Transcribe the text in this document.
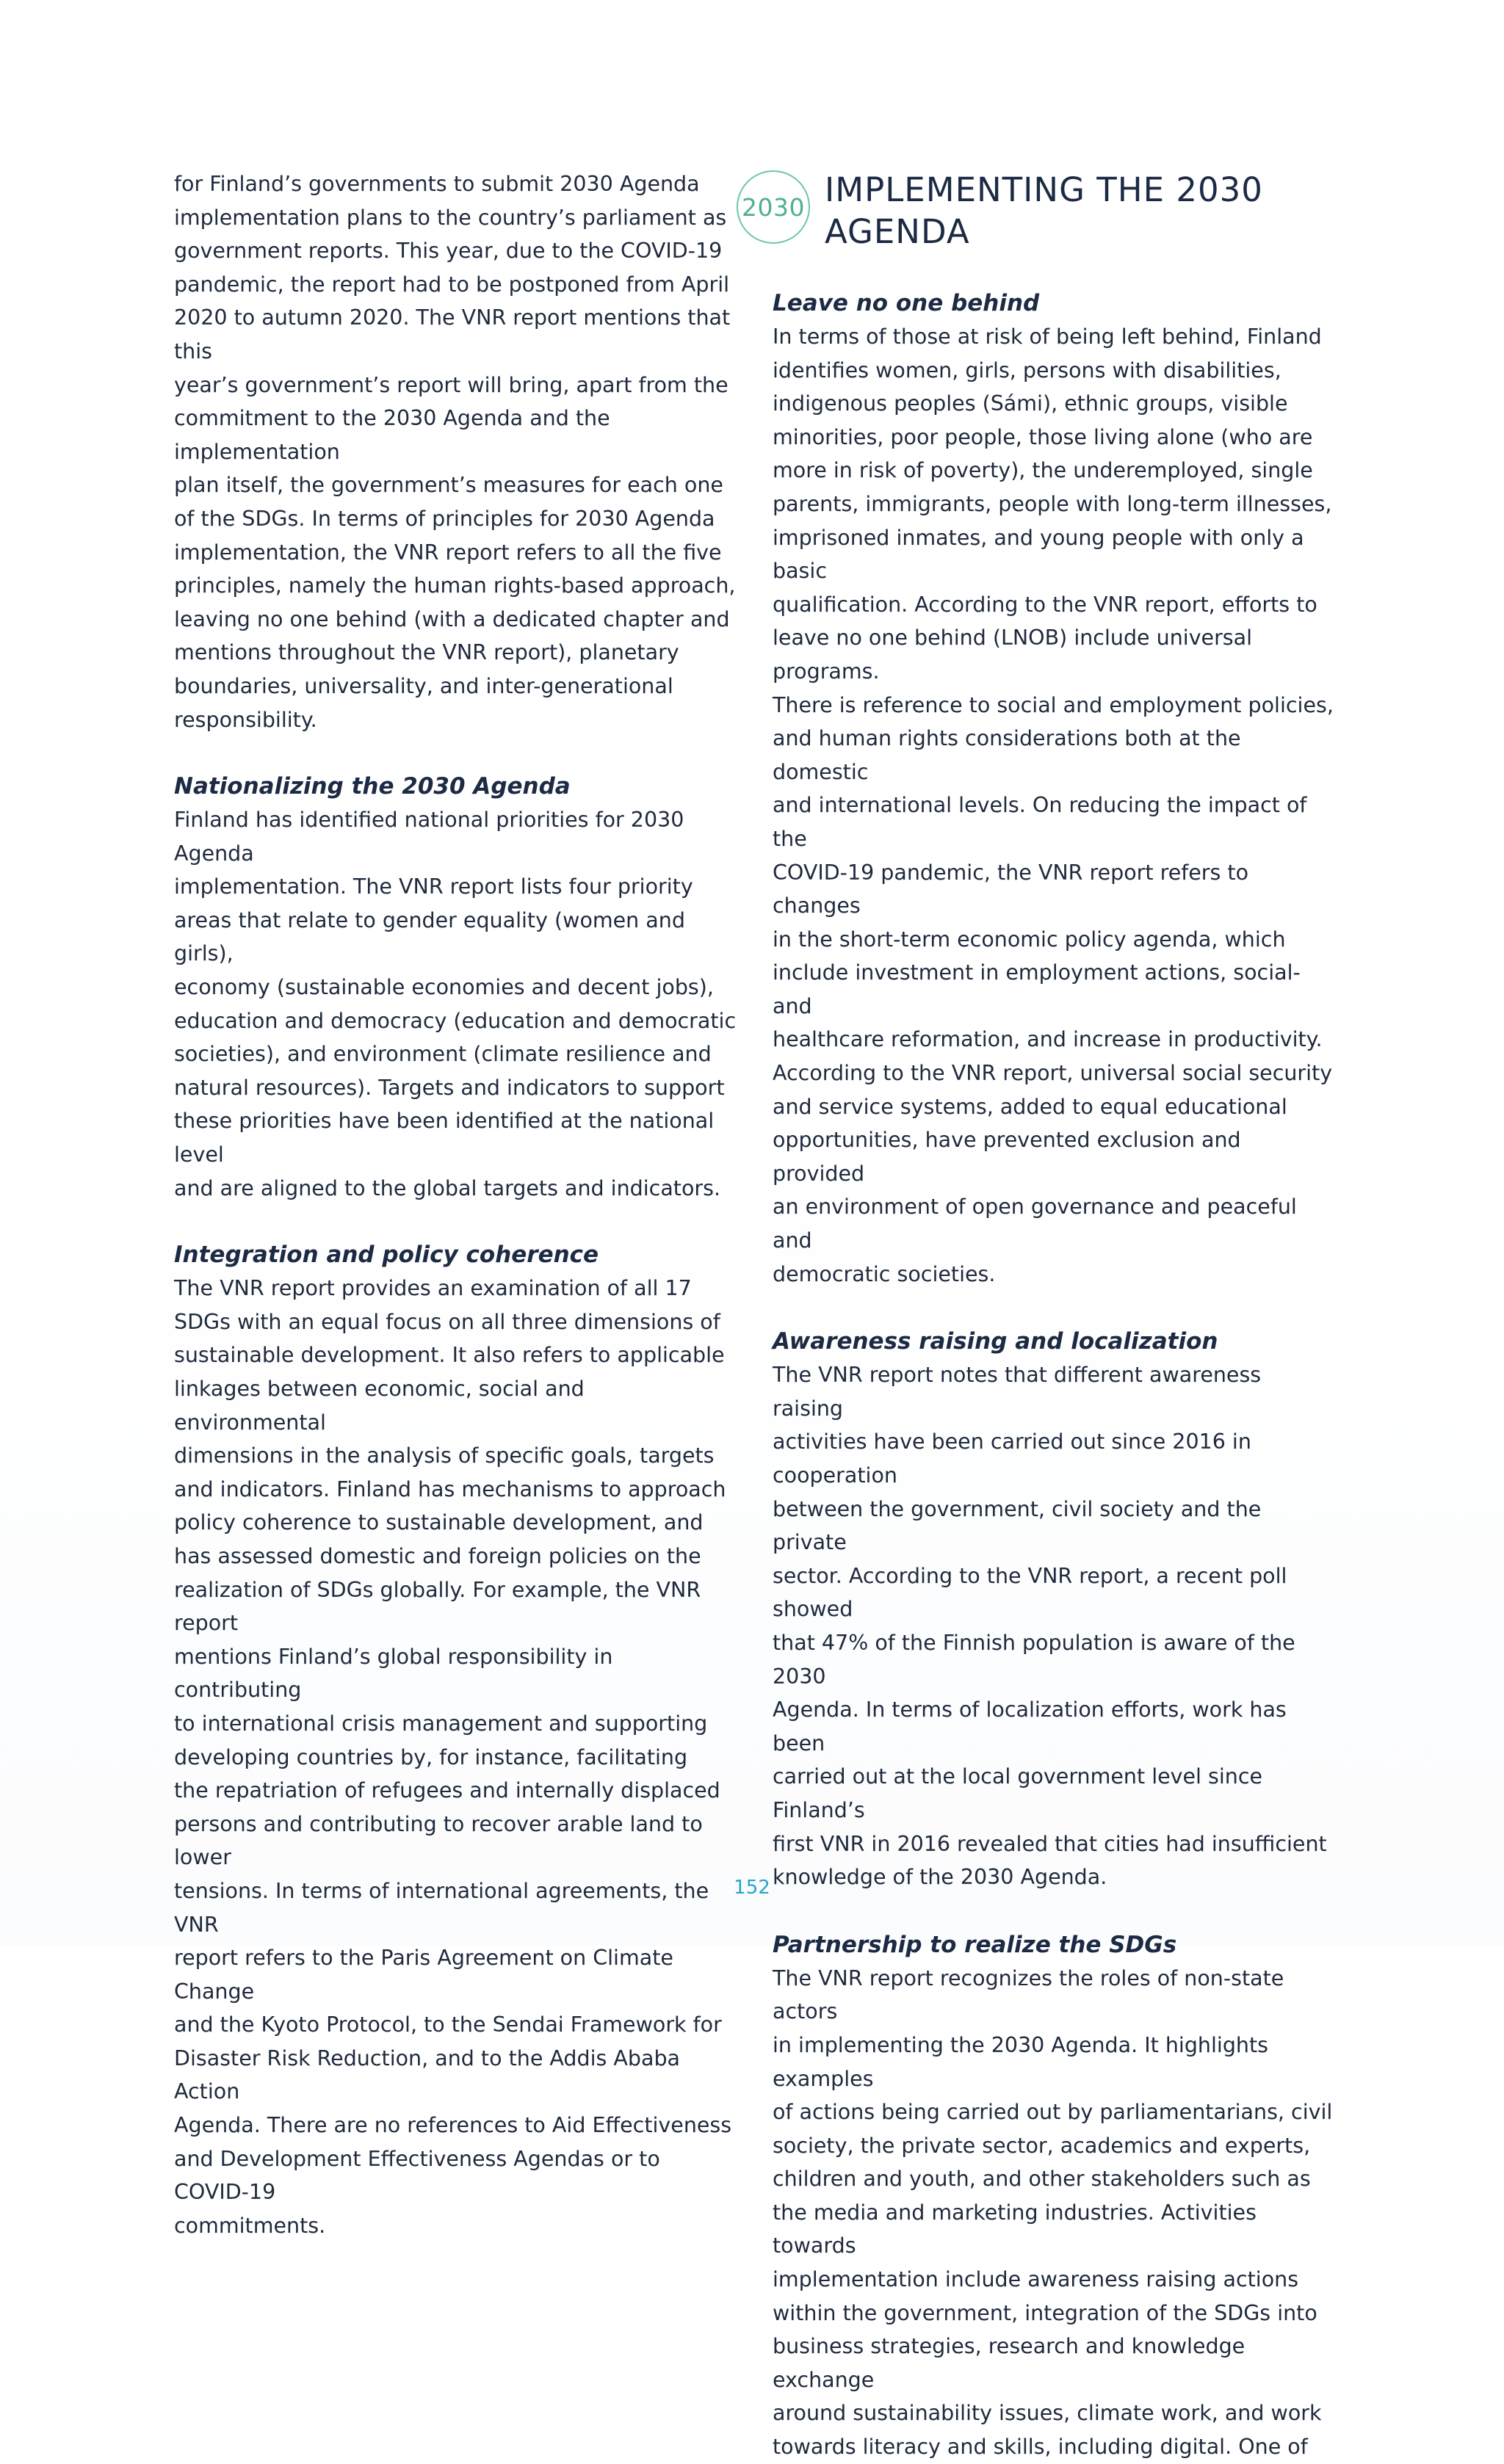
for Finland’s governments to submit 2030 Agenda
implementation plans to the country’s parliament as
government reports. This year, due to the COVID-19
pandemic, the report had to be postponed from April
2020 to autumn 2020. The VNR report mentions that this
year’s government’s report will bring, apart from the
commitment to the 2030 Agenda and the implementation
plan itself, the government’s measures for each one
of the SDGs. In terms of principles for 2030 Agenda
implementation, the VNR report refers to all the five
principles, namely the human rights-based approach,
leaving no one behind (with a dedicated chapter and
mentions throughout the VNR report), planetary
boundaries, universality, and inter-generational
responsibility.

Nationalizing the 2030 Agenda

Finland has identified national priorities for 2030 Agenda
implementation. The VNR report lists four priority
areas that relate to gender equality (women and girls),
economy (sustainable economies and decent jobs),
education and democracy (education and democratic
societies), and environment (climate resilience and
natural resources). Targets and indicators to support
these priorities have been identified at the national level
and are aligned to the global targets and indicators.

Integration and policy coherence

The VNR report provides an examination of all 17
SDGs with an equal focus on all three dimensions of
sustainable development. It also refers to applicable
linkages between economic, social and environmental
dimensions in the analysis of specific goals, targets
and indicators. Finland has mechanisms to approach
policy coherence to sustainable development, and
has assessed domestic and foreign policies on the
realization of SDGs globally. For example, the VNR report
mentions Finland’s global responsibility in contributing
to international crisis management and supporting
developing countries by, for instance, facilitating
the repatriation of refugees and internally displaced
persons and contributing to recover arable land to lower
tensions. In terms of international agreements, the VNR
report refers to the Paris Agreement on Climate Change
and the Kyoto Protocol, to the Sendai Framework for
Disaster Risk Reduction, and to the Addis Ababa Action
Agenda. There are no references to Aid Effectiveness
and Development Effectiveness Agendas or to COVID-19
commitments.

2030 IMPLEMENTING THE 2030
AGENDA
Leave no one behind

In terms of those at risk of being left behind, Finland
identifies women, girls, persons with disabilities,
indigenous peoples (Sámi), ethnic groups, visible
minorities, poor people, those living alone (who are
more in risk of poverty), the underemployed, single
parents, immigrants, people with long-term illnesses,
imprisoned inmates, and young people with only a basic
qualification. According to the VNR report, efforts to
leave no one behind (LNOB) include universal programs.
There is reference to social and employment policies,
and human rights considerations both at the domestic
and international levels. On reducing the impact of the
COVID-19 pandemic, the VNR report refers to changes
in the short-term economic policy agenda, which
include investment in employment actions, social- and
healthcare reformation, and increase in productivity.
According to the VNR report, universal social security
and service systems, added to equal educational
opportunities, have prevented exclusion and provided
an environment of open governance and peaceful and
democratic societies.

Awareness raising and localization

The VNR report notes that different awareness raising
activities have been carried out since 2016 in cooperation
between the government, civil society and the private
sector. According to the VNR report, a recent poll showed
that 47% of the Finnish population is aware of the 2030
Agenda. In terms of localization efforts, work has been
carried out at the local government level since Finland’s
first VNR in 2016 revealed that cities had insufficient
knowledge of the 2030 Agenda.

Partnership to realize the SDGs

The VNR report recognizes the roles of non-state actors
in implementing the 2030 Agenda. It highlights examples
of actions being carried out by parliamentarians, civil
society, the private sector, academics and experts,
children and youth, and other stakeholders such as
the media and marketing industries. Activities towards
implementation include awareness raising actions
within the government, integration of the SDGs into
business strategies, research and knowledge exchange
around sustainability issues, climate work, and work
towards literacy and skills, including digital. One of

152
